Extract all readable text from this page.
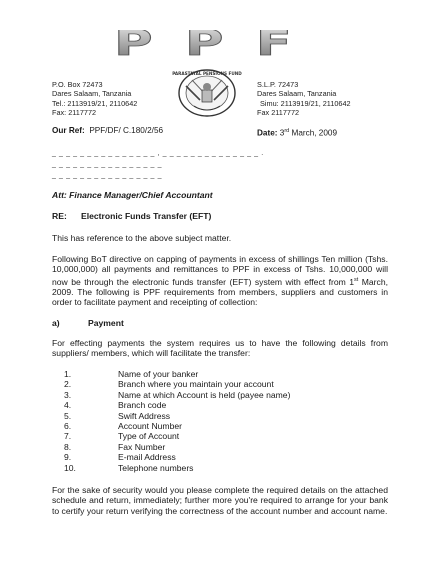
PPF
P.O. Box 72473
Dares Salaam, Tanzania
Tel.: 2113919/21, 2110642
Fax: 2117772
PARASTATAL PENSIONS FUND
S.L.P. 72473
Dares Salaam, Tanzania
Simu: 2113919/21, 2110642
Fax 2117772
Our Ref: PPF/DF/ C.180/2/56	Date: 3rd March, 2009
_ _ _ _ _ _ _ _ _ _ _ _ _ _ _ , _ _ _ _ _ _ _ _ _ _ _ _ _ _ .
_ _ _ _ _ _ _ _ _ _ _ _ _ _ _ _
_ _ _ _ _ _ _ _ _ _ _ _ _ _ _ _
Att: Finance Manager/Chief Accountant
RE: Electronic Funds Transfer (EFT)
This has reference to the above subject matter.
Following BoT directive on capping of payments in excess of shillings Ten million (Tshs. 10,000,000) all payments and remittances to PPF in excess of Tshs. 10,000,000 will now be through the electronic funds transfer (EFT) system with effect from 1st March, 2009. The following is PPF requirements from members, suppliers and customers in order to facilitate payment and receipting of collection:
a)	Payment
For effecting payments the system requires us to have the following details from suppliers/ members, which will facilitate the transfer:
1.	Name of your banker
2.	Branch where you maintain your account
3.	Name at which Account is held (payee name)
4.	Branch code
5.	Swift Address
6.	Account Number
7.	Type of Account
8.	Fax Number
9.	E-mail Address
10.	Telephone numbers
For the sake of security would you please complete the required details on the attached schedule and return, immediately; further more you're required to arrange for your bank to certify your return verifying the correctness of the account number and account name.
